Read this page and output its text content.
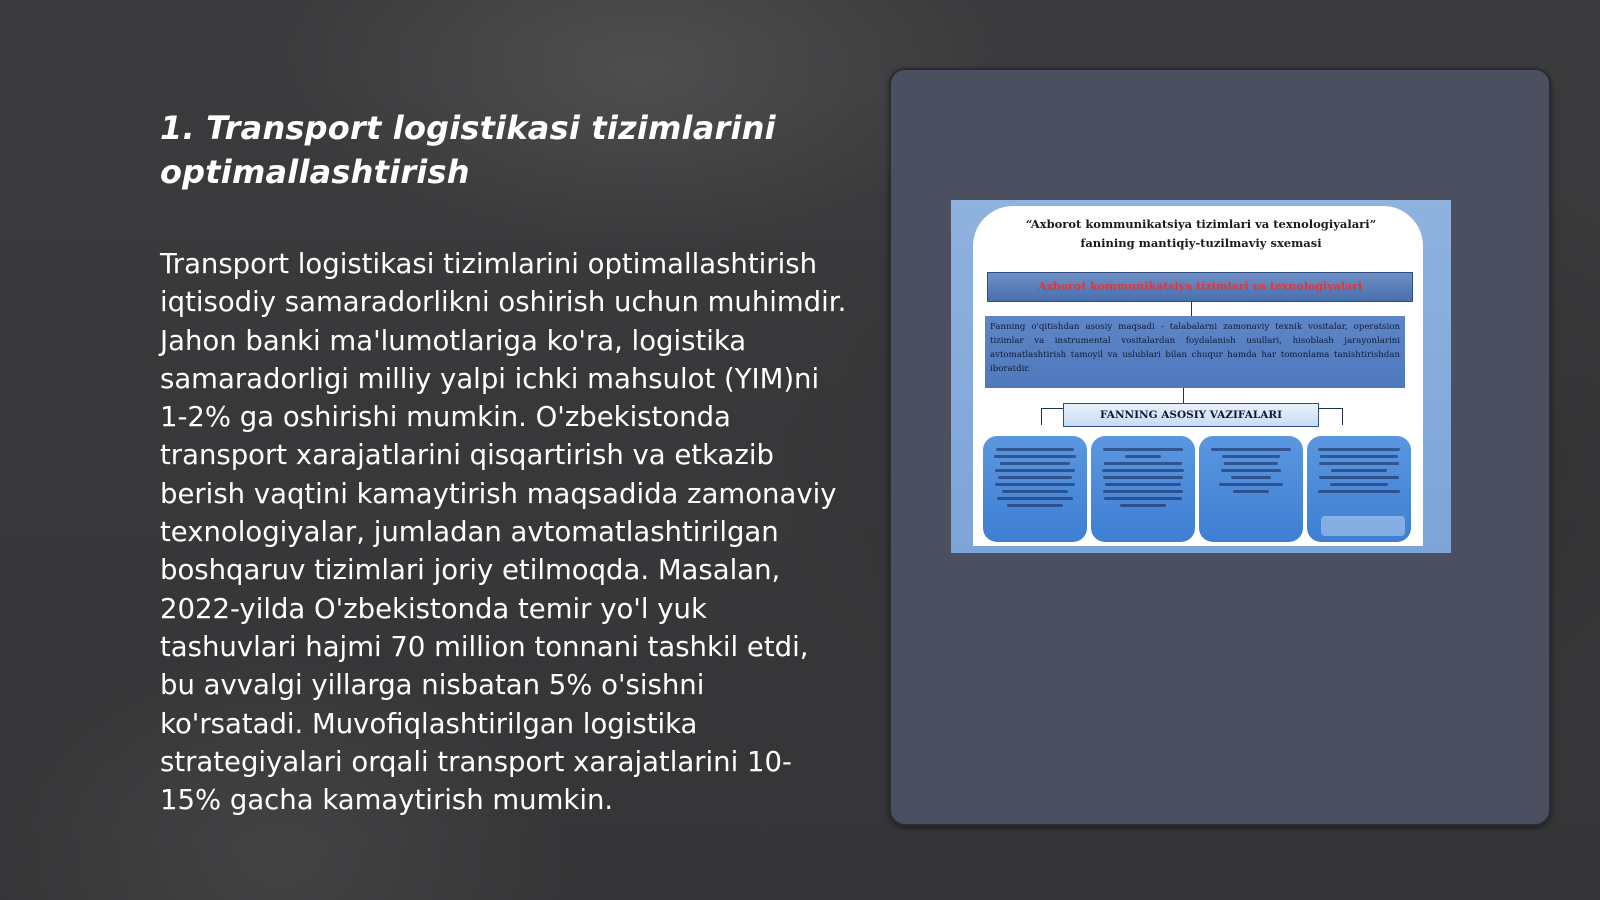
1. Transport logistikasi tizimlarini optimallashtirish

Transport logistikasi tizimlarini optimallashtirish iqtisodiy samaradorlikni oshirish uchun muhimdir. Jahon banki ma'lumotlariga ko'ra, logistika samaradorligi milliy yalpi ichki mahsulot (YIM)ni 1-2% ga oshirishi mumkin. O'zbekistonda transport xarajatlarini qisqartirish va etkazib berish vaqtini kamaytirish maqsadida zamonaviy texnologiyalar, jumladan avtomatlashtirilgan boshqaruv tizimlari joriy etilmoqda. Masalan, 2022-yilda O'zbekistonda temir yo'l yuk tashuvlari hajmi 70 million tonnani tashkil etdi, bu avvalgi yillarga nisbatan 5% o'sishni ko'rsatadi. Muvofiqlashtirilgan logistika strategiyalari orqali transport xarajatlarini 10-15% gacha kamaytirish mumkin.

“Axborot kommunikatsiya tizimlari va texnologiyalari”
fanining mantiqiy-tuzilmaviy sxemasi

Axborot kommunikatsiya tizimlari va texnologiyalari
Fanning o'qitishdan asosiy maqsadi - talabalarni zamonaviy texnik vositalar, operatsion tizimlar va instrumental vositalardan foydalanish usullari, hisoblash jarayonlarini avtomatlashtirish tamoyil va uslublari bilan chuqur hamda har tomonlama tanishtirishdan iboratdir.
FANNING ASOSIY VAZIFALARI
